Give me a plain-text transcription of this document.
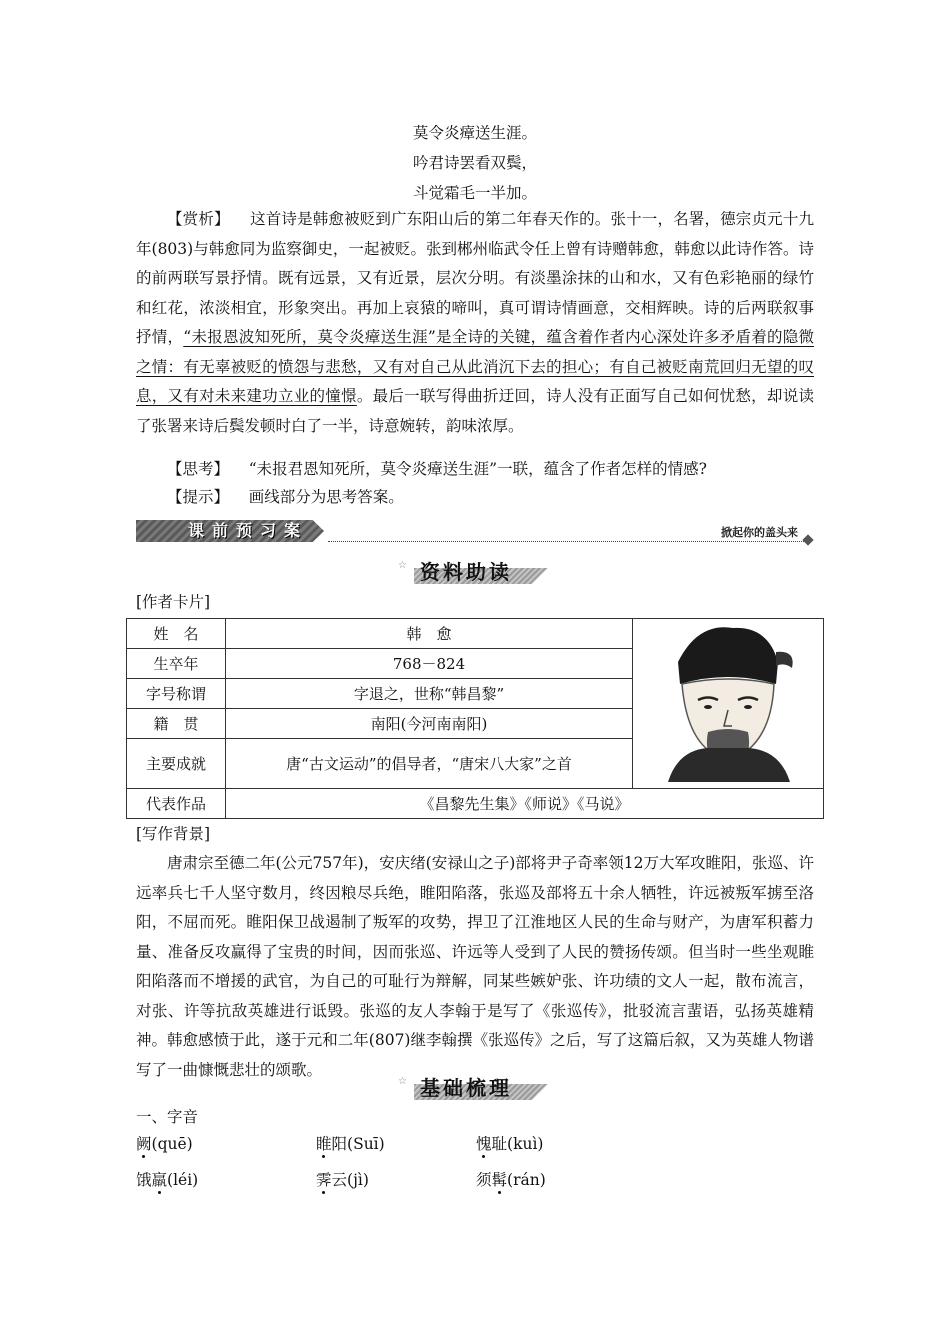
莫令炎瘴送生涯。
吟君诗罢看双鬓，
斗觉霜毛一半加。
【赏析】 这首诗是韩愈被贬到广东阳山后的第二年春天作的。张十一，名署，德宗贞元十九年(803)与韩愈同为监察御史，一起被贬。张到郴州临武令任上曾有诗赠韩愈，韩愈以此诗作答。诗的前两联写景抒情。既有远景，又有近景，层次分明。有淡墨涂抹的山和水，又有色彩艳丽的绿竹和红花，浓淡相宜，形象突出。再加上哀猿的啼叫，真可谓诗情画意，交相辉映。诗的后两联叙事抒情，“未报恩波知死所，莫令炎瘴送生涯”是全诗的关键，蕴含着作者内心深处许多矛盾着的隐微之情：有无辜被贬的愤怨与悲愁，又有对自己从此消沉下去的担心；有自己被贬南荒回归无望的叹息，又有对未来建功立业的憧憬。最后一联写得曲折迂回，诗人没有正面写自己如何忧愁，却说读了张署来诗后鬓发顿时白了一半，诗意婉转，韵味浓厚。
【思考】 “未报君恩知死所，莫令炎瘴送生涯”一联，蕴含了作者怎样的情感?
【提示】 画线部分为思考答案。
课前预习案	掀起你的盖头来
☆ 资料助读
[作者卡片]
姓　名	韩　愈	
生卒年	768－824	
字号称谓	字退之，世称“韩昌黎”	
籍　贯	南阳(今河南南阳)	
主要成就	唐“古文运动”的倡导者，“唐宋八大家”之首	
代表作品	《昌黎先生集》《师说》《马说》	
[写作背景]
唐肃宗至德二年(公元757年)，安庆绪(安禄山之子)部将尹子奇率领12万大军攻睢阳，张巡、许远率兵七千人坚守数月，终因粮尽兵绝，睢阳陷落，张巡及部将五十余人牺牲，许远被叛军掳至洛阳，不屈而死。睢阳保卫战遏制了叛军的攻势，捍卫了江淮地区人民的生命与财产，为唐军积蓄力量、准备反攻赢得了宝贵的时间，因而张巡、许远等人受到了人民的赞扬传颂。但当时一些坐观睢阳陷落而不增援的武官，为自己的可耻行为辩解，同某些嫉妒张、许功绩的文人一起，散布流言，对张、许等抗敌英雄进行诋毁。张巡的友人李翰于是写了《张巡传》，批驳流言蜚语，弘扬英雄精神。韩愈感愤于此，遂于元和二年(807)继李翰撰《张巡传》之后，写了这篇后叙，又为英雄人物谱写了一曲慷慨悲壮的颂歌。
☆ 基础梳理
一、字音
阙(quē)	睢阳(Suī)	愧耻(kuì)
饿羸(léi)	霁云(jì)	须髯(rán)
